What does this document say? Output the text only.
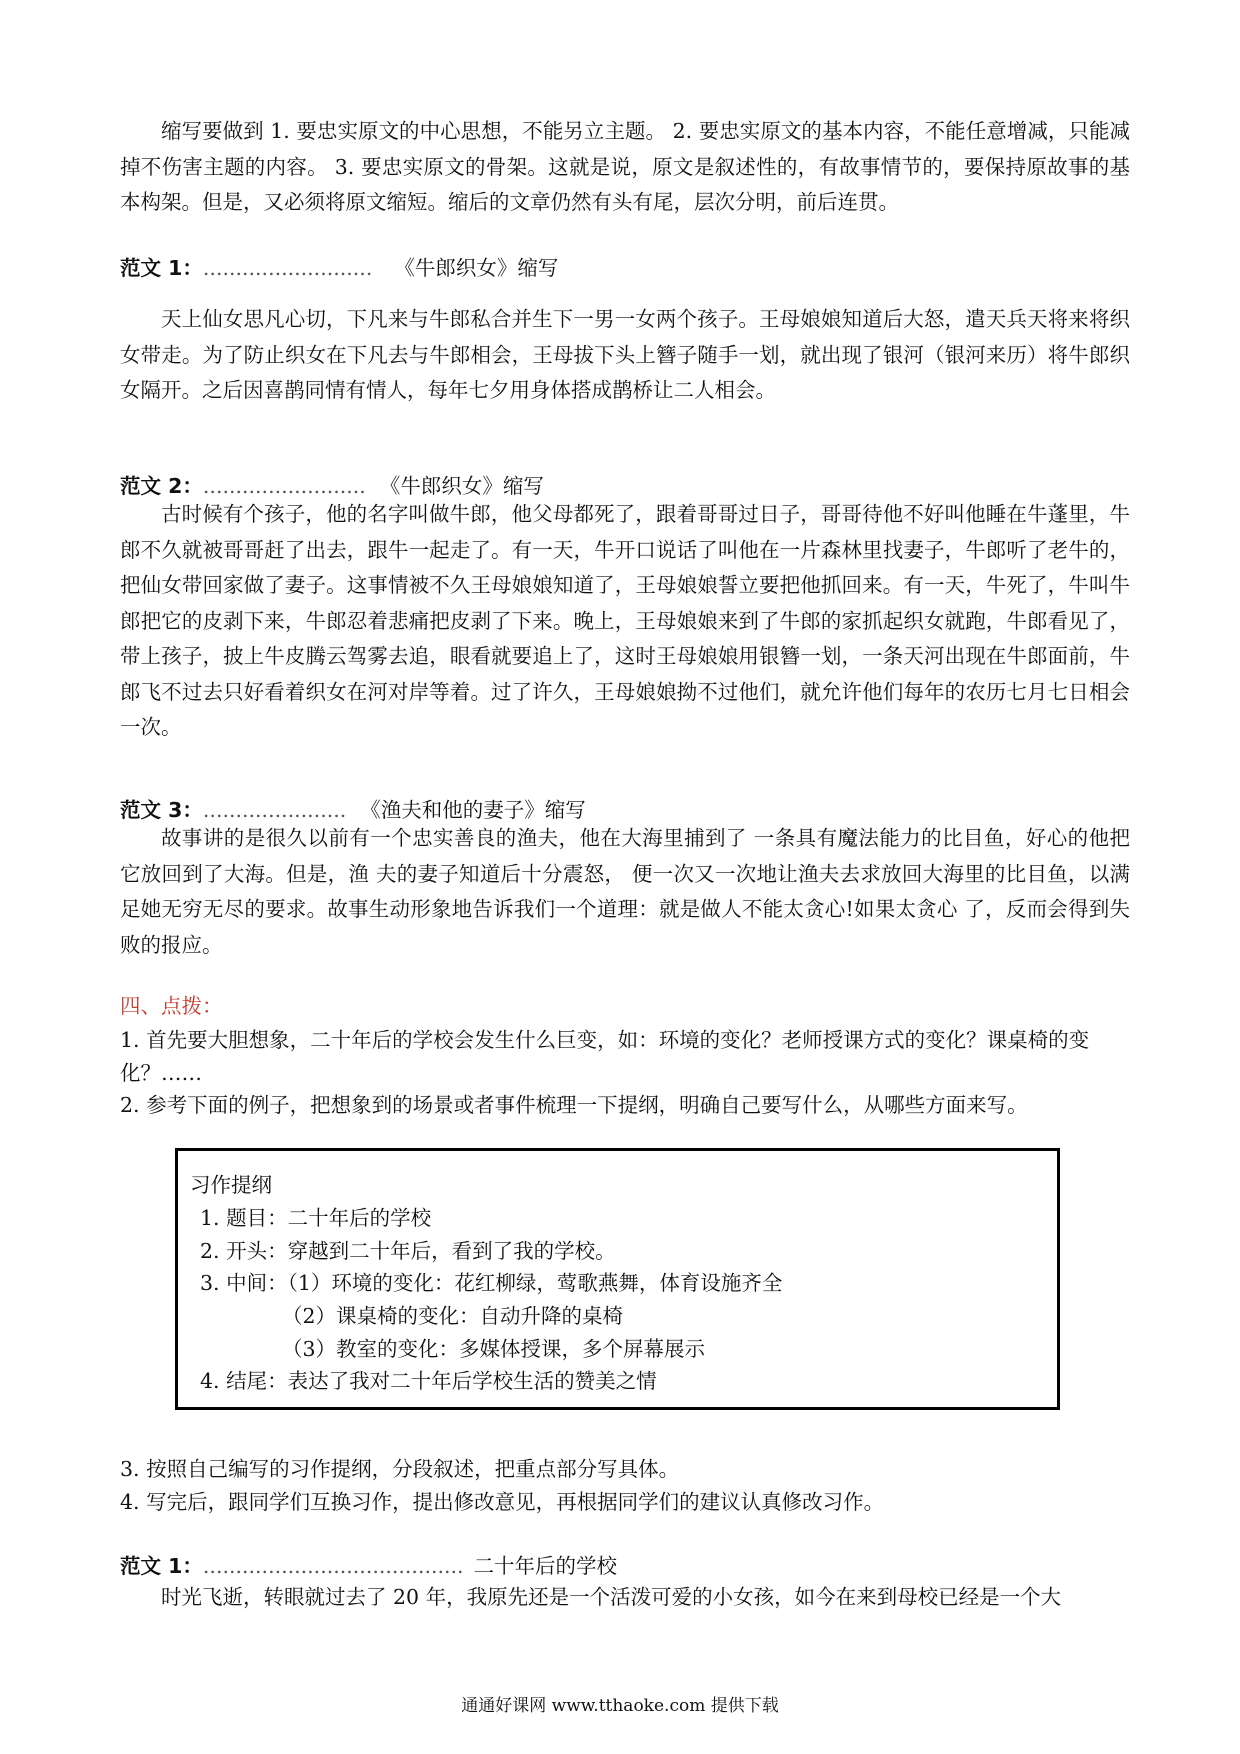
缩写要做到 1. 要忠实原文的中心思想，不能另立主题。 2. 要忠实原文的基本内容，不能任意增减，只能减掉不伤害主题的内容。 3. 要忠实原文的骨架。这就是说，原文是叙述性的，有故事情节的，要保持原故事的基本构架。但是，又必须将原文缩短。缩后的文章仍然有头有尾，层次分明，前后连贯。

范文 1：.......................... 《牛郎织女》缩写

天上仙女思凡心切，下凡来与牛郎私合并生下一男一女两个孩子。王母娘娘知道后大怒，遣天兵天将来将织女带走。为了防止织女在下凡去与牛郎相会，王母拔下头上簪子随手一划，就出现了银河（银河来历）将牛郎织女隔开。之后因喜鹊同情有情人，每年七夕用身体搭成鹊桥让二人相会。

范文 2：......................... 《牛郎织女》缩写

古时候有个孩子，他的名字叫做牛郎，他父母都死了，跟着哥哥过日子，哥哥待他不好叫他睡在牛蓬里，牛郎不久就被哥哥赶了出去，跟牛一起走了。有一天，牛开口说话了叫他在一片森林里找妻子，牛郎听了老牛的，把仙女带回家做了妻子。这事情被不久王母娘娘知道了，王母娘娘誓立要把他抓回来。有一天，牛死了，牛叫牛郎把它的皮剥下来，牛郎忍着悲痛把皮剥了下来。晚上，王母娘娘来到了牛郎的家抓起织女就跑，牛郎看见了，带上孩子，披上牛皮腾云驾雾去追，眼看就要追上了，这时王母娘娘用银簪一划，一条天河出现在牛郎面前，牛郎飞不过去只好看着织女在河对岸等着。过了许久，王母娘娘拗不过他们，就允许他们每年的农历七月七日相会一次。

范文 3：...................... 《渔夫和他的妻子》缩写

故事讲的是很久以前有一个忠实善良的渔夫，他在大海里捕到了 一条具有魔法能力的比目鱼，好心的他把它放回到了大海。但是，渔 夫的妻子知道后十分震怒， 便一次又一次地让渔夫去求放回大海里的比目鱼，以满足她无穷无尽的要求。故事生动形象地告诉我们一个道理：就是做人不能太贪心!如果太贪心 了，反而会得到失败的报应。

四、点拨：

1. 首先要大胆想象，二十年后的学校会发生什么巨变，如：环境的变化？老师授课方式的变化？课桌椅的变化？……

2. 参考下面的例子，把想象到的场景或者事件梳理一下提纲，明确自己要写什么，从哪些方面来写。

习作提纲
1. 题目：二十年后的学校
2. 开头：穿越到二十年后，看到了我的学校。
3. 中间：（1）环境的变化：花红柳绿，莺歌燕舞，体育设施齐全
（2）课桌椅的变化：自动升降的桌椅
（3）教室的变化：多媒体授课，多个屏幕展示
4. 结尾：表达了我对二十年后学校生活的赞美之情

3. 按照自己编写的习作提纲，分段叙述，把重点部分写具体。

4. 写完后，跟同学们互换习作，提出修改意见，再根据同学们的建议认真修改习作。

范文 1：........................................ 二十年后的学校

时光飞逝，转眼就过去了 20 年，我原先还是一个活泼可爱的小女孩，如今在来到母校已经是一个大

通通好课网 www.tthaoke.com 提供下载
